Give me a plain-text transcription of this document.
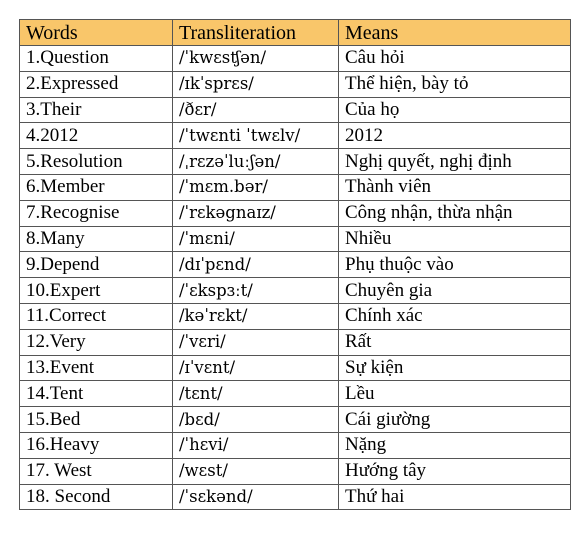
Words	Transliteration	Means
1.Question	/ˈkwɛsʧən/	Câu hỏi
2.Expressed	/ɪkˈsprɛs/	Thể hiện, bày tỏ
3.Their	/ðɛr/	Của họ
4.2012	/ˈtwɛnti ˈtwɛlv/	2012
5.Resolution	/ˌrɛzəˈluːʃən/	Nghị quyết, nghị định
6.Member	/ˈmɛm.bər/	Thành viên
7.Recognise	/ˈrɛkəgnaɪz/	Công nhận, thừa nhận
8.Many	/ˈmɛni/	Nhiều
9.Depend	/dɪˈpɛnd/	Phụ thuộc vào
10.Expert	/ˈɛkspɜːt/	Chuyên gia
11.Correct	/kəˈrɛkt/	Chính xác
12.Very	/ˈvɛri/	Rất
13.Event	/ɪˈvɛnt/	Sự kiện
14.Tent	/tɛnt/	Lều
15.Bed	/bɛd/	Cái giường
16.Heavy	/ˈhɛvi/	Nặng
17. West	/wɛst/	Hướng tây
18. Second	/ˈsɛkənd/	Thứ hai
